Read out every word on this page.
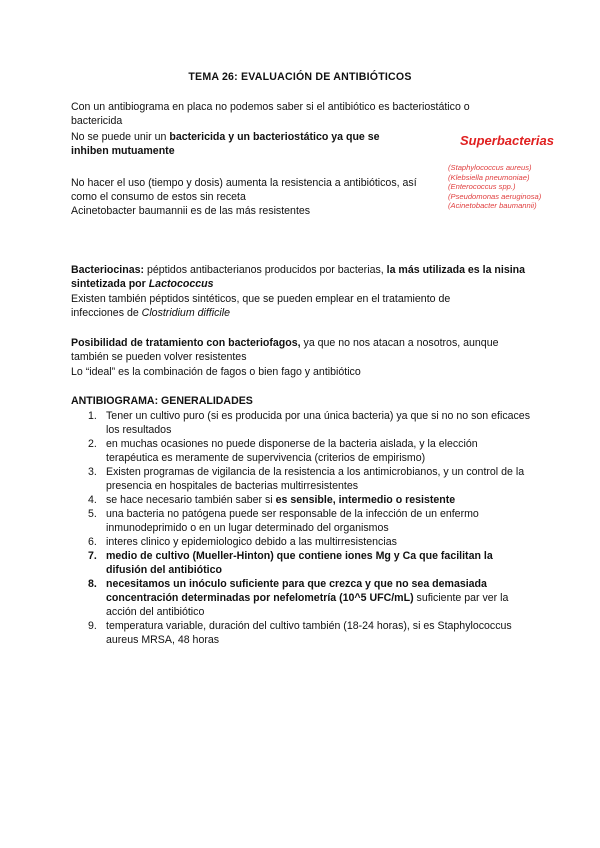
TEMA 26: EVALUACIÓN DE ANTIBIÓTICOS
Con un antibiograma en placa no podemos saber si el antibiótico es bacteriostático o bactericida
No se puede unir un bactericida y un bacteriostático ya que se inhiben mutuamente
No hacer el uso (tiempo y dosis) aumenta la resistencia a antibióticos, así como el consumo de estos sin receta
Acinetobacter baumannii es de las más resistentes
Superbacterias
(Staphylococcus aureus)
(Klebsiella pneumoniae)
(Enterococcus spp.)
(Pseudomonas aeruginosa)
(Acinetobacter baumannii)
Bacteriocinas: péptidos antibacterianos producidos por bacterias, la más utilizada es la nisina sintetizada por Lactococcus
Existen también péptidos sintéticos, que se pueden emplear en el tratamiento de infecciones de Clostridium difficile
Posibilidad de tratamiento con bacteriofagos, ya que no nos atacan a nosotros, aunque también se pueden volver resistentes
Lo “ideal” es la combinación de fagos o bien fago y antibiótico
ANTIBIOGRAMA: GENERALIDADES
1. Tener un cultivo puro (si es producida por una única bacteria) ya que si no no son eficaces los resultados
2. en muchas ocasiones no puede disponerse de la bacteria aislada, y la elección terapéutica es meramente de supervivencia (criterios de empirismo)
3. Existen programas de vigilancia de la resistencia a los antimicrobianos, y un control de la presencia en hospitales de bacterias multirresistentes
4. se hace necesario también saber si es sensible, intermedio o resistente
5. una bacteria no patógena puede ser responsable de la infección de un enfermo inmunodeprimido o en un lugar determinado del organismos
6. interes clinico y epidemiologico debido a las multirresistencias
7. medio de cultivo (Mueller-Hinton) que contiene iones Mg y Ca que facilitan la difusión del antibiótico
8. necesitamos un inóculo suficiente para que crezca y que no sea demasiada concentración determinadas por nefelometría (10^5 UFC/mL) suficiente par ver la acción del antibiótico
9. temperatura variable, duración del cultivo también (18-24 horas), si es Staphylococcus aureus MRSA, 48 horas
